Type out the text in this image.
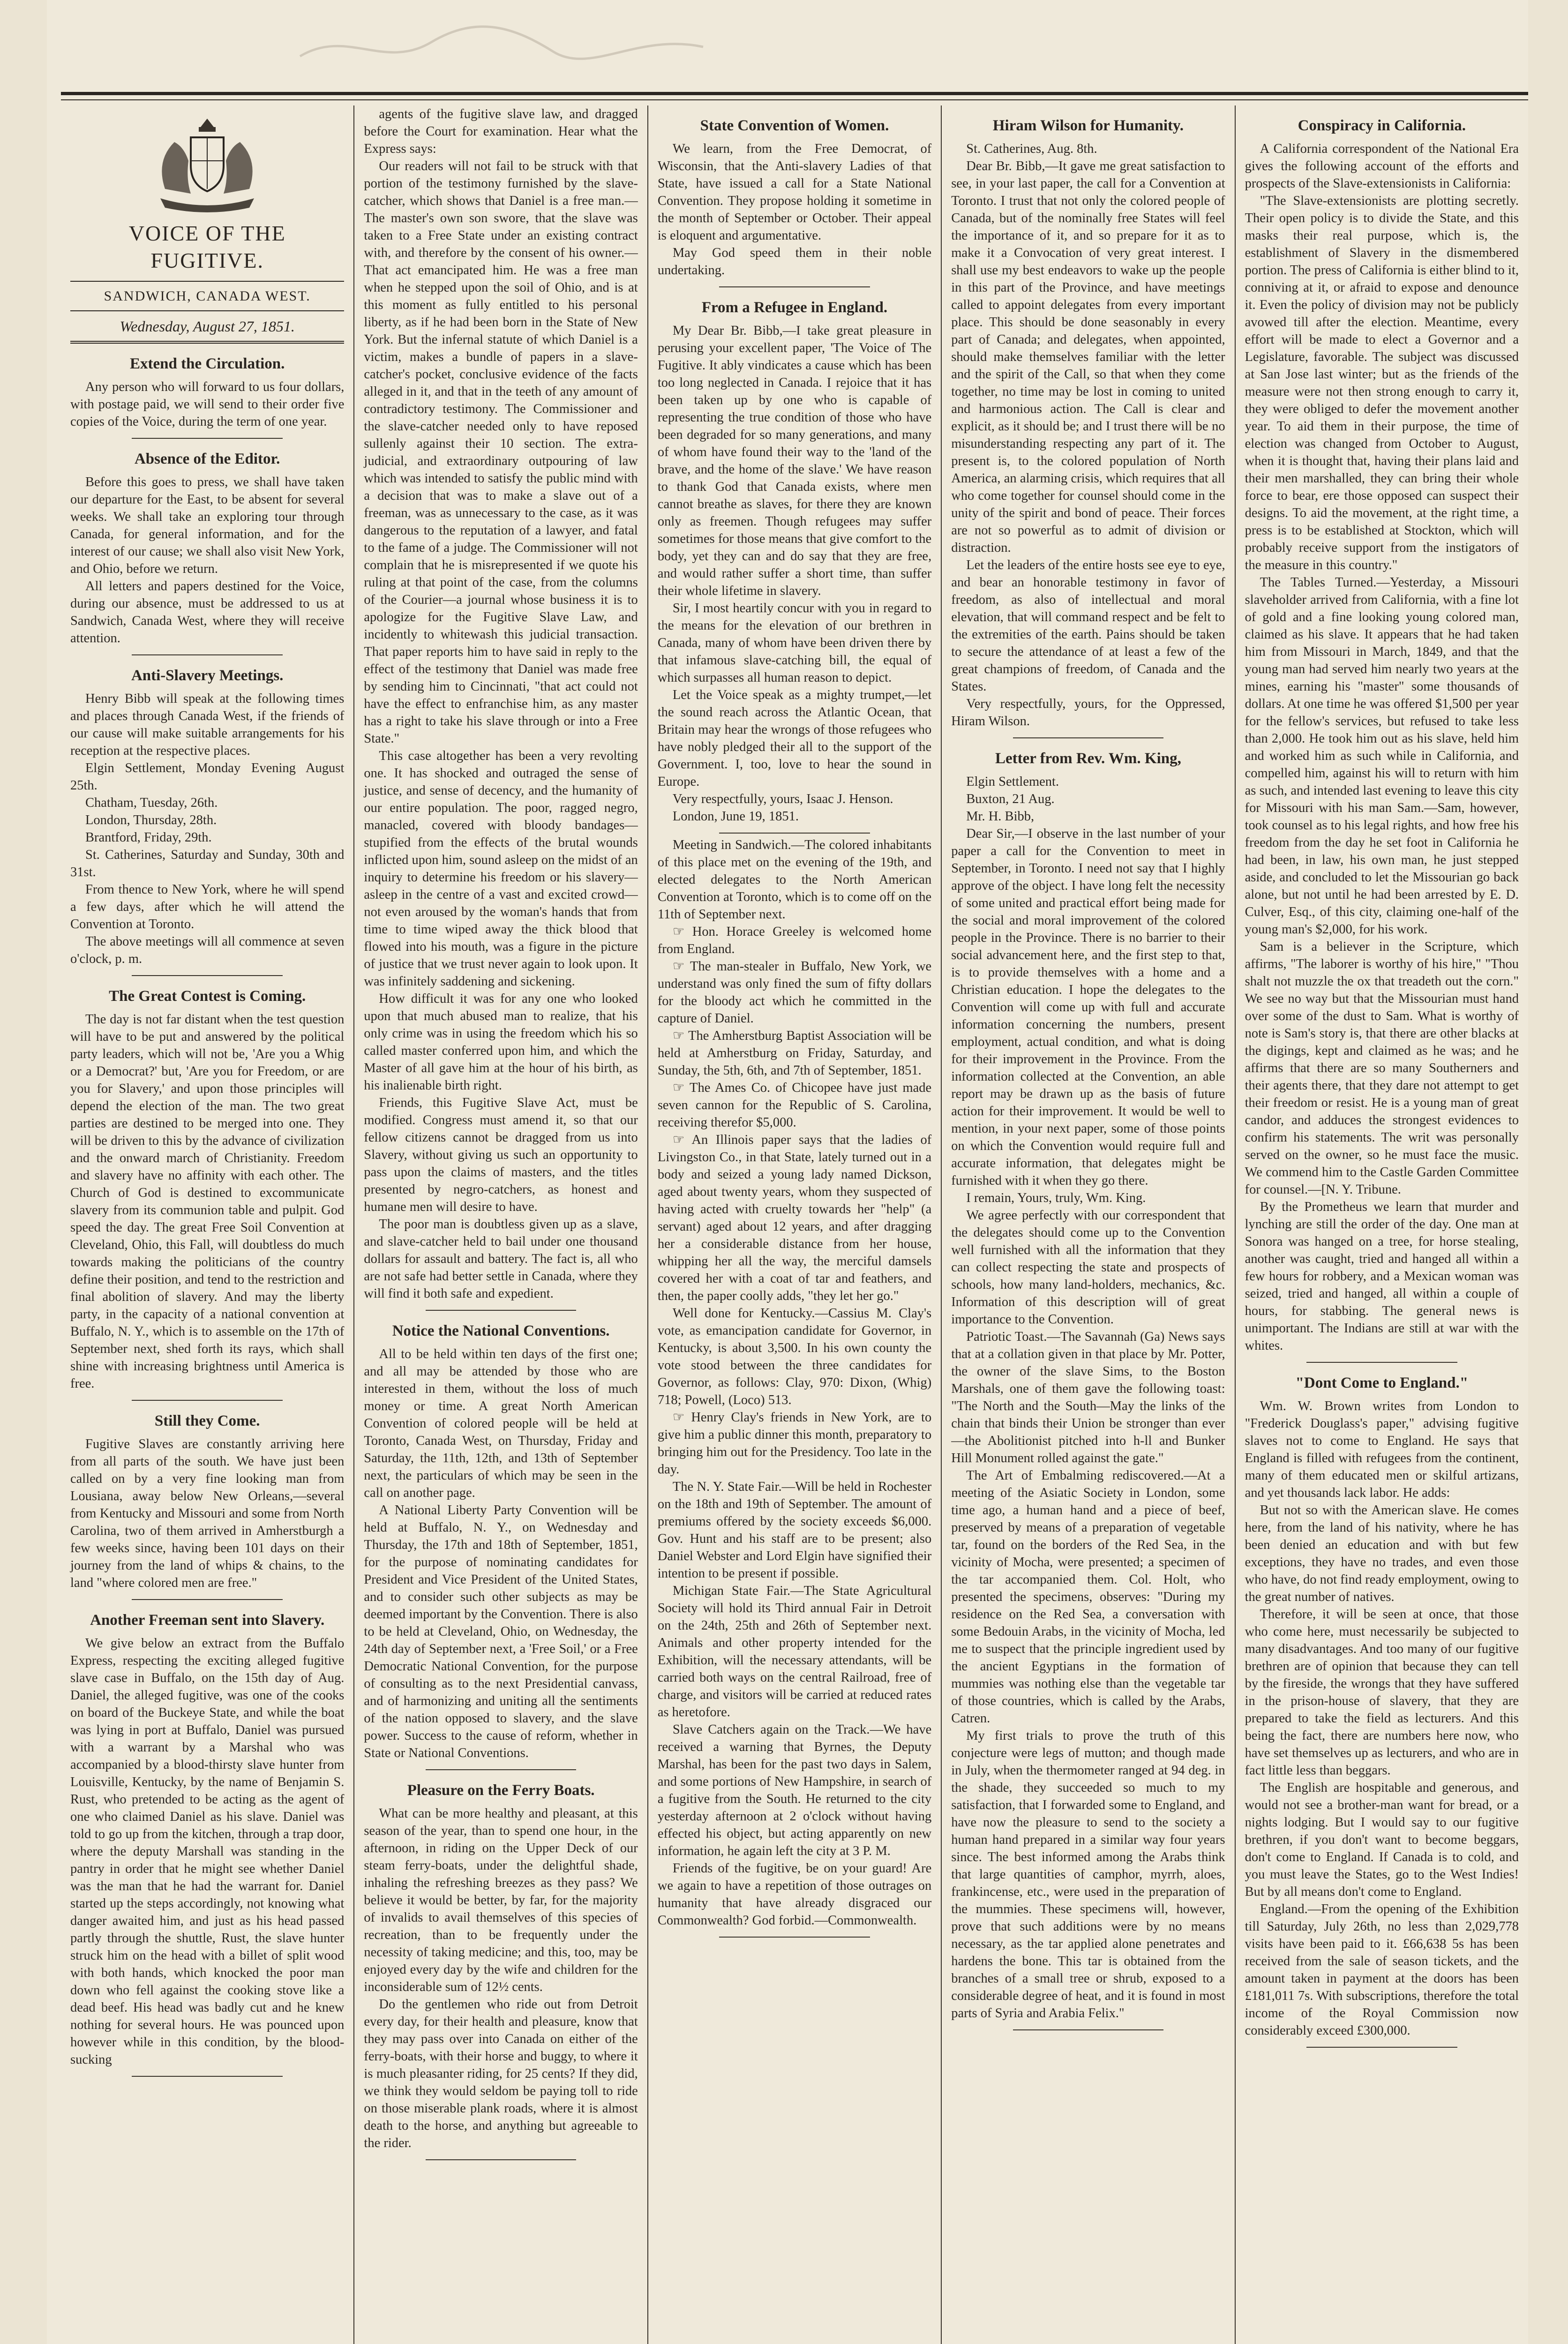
VOICE OF THE FUGITIVE.
SANDWICH, CANADA WEST.
Wednesday, August 27, 1851.
Extend the Circulation.

Any person who will forward to us four dollars, with postage paid, we will send to their order five copies of the Voice, during the term of one year.

Absence of the Editor.

Before this goes to press, we shall have taken our departure for the East, to be absent for several weeks. We shall take an exploring tour through Canada, for general information, and for the interest of our cause; we shall also visit New York, and Ohio, before we return.

All letters and papers destined for the Voice, during our absence, must be addressed to us at Sandwich, Canada West, where they will receive attention.

Anti-Slavery Meetings.

Henry Bibb will speak at the following times and places through Canada West, if the friends of our cause will make suitable arrangements for his reception at the respective places.

Elgin Settlement, Monday Evening August 25th.

Chatham, Tuesday, 26th.

London, Thursday, 28th.

Brantford, Friday, 29th.

St. Catherines, Saturday and Sunday, 30th and 31st.

From thence to New York, where he will spend a few days, after which he will attend the Convention at Toronto.

The above meetings will all commence at seven o'clock, p. m.

The Great Contest is Coming.

The day is not far distant when the test question will have to be put and answered by the political party leaders, which will not be, 'Are you a Whig or a Democrat?' but, 'Are you for Freedom, or are you for Slavery,' and upon those principles will depend the election of the man. The two great parties are destined to be merged into one. They will be driven to this by the advance of civilization and the onward march of Christianity. Freedom and slavery have no affinity with each other. The Church of God is destined to excommunicate slavery from its communion table and pulpit. God speed the day. The great Free Soil Convention at Cleveland, Ohio, this Fall, will doubtless do much towards making the politicians of the country define their position, and tend to the restriction and final abolition of slavery. And may the liberty party, in the capacity of a national convention at Buffalo, N. Y., which is to assemble on the 17th of September next, shed forth its rays, which shall shine with increasing brightness until America is free.

Still they Come.

Fugitive Slaves are constantly arriving here from all parts of the south. We have just been called on by a very fine looking man from Lousiana, away below New Orleans,—several from Kentucky and Missouri and some from North Carolina, two of them arrived in Amherstburgh a few weeks since, having been 101 days on their journey from the land of whips & chains, to the land "where colored men are free."

Another Freeman sent into Slavery.

We give below an extract from the Buffalo Express, respecting the exciting alleged fugitive slave case in Buffalo, on the 15th day of Aug. Daniel, the alleged fugitive, was one of the cooks on board of the Buckeye State, and while the boat was lying in port at Buffalo, Daniel was pursued with a warrant by a Marshal who was accompanied by a blood-thirsty slave hunter from Louisville, Kentucky, by the name of Benjamin S. Rust, who pretended to be acting as the agent of one who claimed Daniel as his slave. Daniel was told to go up from the kitchen, through a trap door, where the deputy Marshall was standing in the pantry in order that he might see whether Daniel was the man that he had the warrant for. Daniel started up the steps accordingly, not knowing what danger awaited him, and just as his head passed partly through the shuttle, Rust, the slave hunter struck him on the head with a billet of split wood with both hands, which knocked the poor man down who fell against the cooking stove like a dead beef. His head was badly cut and he knew nothing for several hours. He was pounced upon however while in this condition, by the blood-sucking

agents of the fugitive slave law, and dragged before the Court for examination. Hear what the Express says:

Our readers will not fail to be struck with that portion of the testimony furnished by the slave-catcher, which shows that Daniel is a free man.—The master's own son swore, that the slave was taken to a Free State under an existing contract with, and therefore by the consent of his owner.—That act emancipated him. He was a free man when he stepped upon the soil of Ohio, and is at this moment as fully entitled to his personal liberty, as if he had been born in the State of New York. But the infernal statute of which Daniel is a victim, makes a bundle of papers in a slave-catcher's pocket, conclusive evidence of the facts alleged in it, and that in the teeth of any amount of contradictory testimony. The Commissioner and the slave-catcher needed only to have reposed sullenly against their 10 section. The extra-judicial, and extraordinary outpouring of law which was intended to satisfy the public mind with a decision that was to make a slave out of a freeman, was as unnecessary to the case, as it was dangerous to the reputation of a lawyer, and fatal to the fame of a judge. The Commissioner will not complain that he is misrepresented if we quote his ruling at that point of the case, from the columns of the Courier—a journal whose business it is to apologize for the Fugitive Slave Law, and incidently to whitewash this judicial transaction. That paper reports him to have said in reply to the effect of the testimony that Daniel was made free by sending him to Cincinnati, "that act could not have the effect to enfranchise him, as any master has a right to take his slave through or into a Free State."

This case altogether has been a very revolting one. It has shocked and outraged the sense of justice, and sense of decency, and the humanity of our entire population. The poor, ragged negro, manacled, covered with bloody bandages—stupified from the effects of the brutal wounds inflicted upon him, sound asleep on the midst of an inquiry to determine his freedom or his slavery—asleep in the centre of a vast and excited crowd—not even aroused by the woman's hands that from time to time wiped away the thick blood that flowed into his mouth, was a figure in the picture of justice that we trust never again to look upon. It was infinitely saddening and sickening.

How difficult it was for any one who looked upon that much abused man to realize, that his only crime was in using the freedom which his so called master conferred upon him, and which the Master of all gave him at the hour of his birth, as his inalienable birth right.

Friends, this Fugitive Slave Act, must be modified. Congress must amend it, so that our fellow citizens cannot be dragged from us into Slavery, without giving us such an opportunity to pass upon the claims of masters, and the titles presented by negro-catchers, as honest and humane men will desire to have.

The poor man is doubtless given up as a slave, and slave-catcher held to bail under one thousand dollars for assault and battery. The fact is, all who are not safe had better settle in Canada, where they will find it both safe and expedient.

Notice the National Conventions.

All to be held within ten days of the first one; and all may be attended by those who are interested in them, without the loss of much money or time. A great North American Convention of colored people will be held at Toronto, Canada West, on Thursday, Friday and Saturday, the 11th, 12th, and 13th of September next, the particulars of which may be seen in the call on another page.

A National Liberty Party Convention will be held at Buffalo, N. Y., on Wednesday and Thursday, the 17th and 18th of September, 1851, for the purpose of nominating candidates for President and Vice President of the United States, and to consider such other subjects as may be deemed important by the Convention. There is also to be held at Cleveland, Ohio, on Wednesday, the 24th day of September next, a 'Free Soil,' or a Free Democratic National Convention, for the purpose of consulting as to the next Presidential canvass, and of harmonizing and uniting all the sentiments of the nation opposed to slavery, and the slave power. Success to the cause of reform, whether in State or National Conventions.

Pleasure on the Ferry Boats.

What can be more healthy and pleasant, at this season of the year, than to spend one hour, in the afternoon, in riding on the Upper Deck of our steam ferry-boats, under the delightful shade, inhaling the refreshing breezes as they pass? We believe it would be better, by far, for the majority of invalids to avail themselves of this species of recreation, than to be frequently under the necessity of taking medicine; and this, too, may be enjoyed every day by the wife and children for the inconsiderable sum of 12½ cents.

Do the gentlemen who ride out from Detroit every day, for their health and pleasure, know that they may pass over into Canada on either of the ferry-boats, with their horse and buggy, to where it is much pleasanter riding, for 25 cents? If they did, we think they would seldom be paying toll to ride on those miserable plank roads, where it is almost death to the horse, and anything but agreeable to the rider.

State Convention of Women.

We learn, from the Free Democrat, of Wisconsin, that the Anti-slavery Ladies of that State, have issued a call for a State National Convention. They propose holding it sometime in the month of September or October. Their appeal is eloquent and argumentative.

May God speed them in their noble undertaking.

From a Refugee in England.

My Dear Br. Bibb,—I take great pleasure in perusing your excellent paper, 'The Voice of The Fugitive. It ably vindicates a cause which has been too long neglected in Canada. I rejoice that it has been taken up by one who is capable of representing the true condition of those who have been degraded for so many generations, and many of whom have found their way to the 'land of the brave, and the home of the slave.' We have reason to thank God that Canada exists, where men cannot breathe as slaves, for there they are known only as freemen. Though refugees may suffer sometimes for those means that give comfort to the body, yet they can and do say that they are free, and would rather suffer a short time, than suffer their whole lifetime in slavery.

Sir, I most heartily concur with you in regard to the means for the elevation of our brethren in Canada, many of whom have been driven there by that infamous slave-catching bill, the equal of which surpasses all human reason to depict.

Let the Voice speak as a mighty trumpet,—let the sound reach across the Atlantic Ocean, that Britain may hear the wrongs of those refugees who have nobly pledged their all to the support of the Government. I, too, love to hear the sound in Europe.

Very respectfully, yours, Isaac J. Henson.

London, June 19, 1851.

Meeting in Sandwich.—The colored inhabitants of this place met on the evening of the 19th, and elected delegates to the North American Convention at Toronto, which is to come off on the 11th of September next.

☞ Hon. Horace Greeley is welcomed home from England.

☞ The man-stealer in Buffalo, New York, we understand was only fined the sum of fifty dollars for the bloody act which he committed in the capture of Daniel.

☞ The Amherstburg Baptist Association will be held at Amherstburg on Friday, Saturday, and Sunday, the 5th, 6th, and 7th of September, 1851.

☞ The Ames Co. of Chicopee have just made seven cannon for the Republic of S. Carolina, receiving therefor $5,000.

☞ An Illinois paper says that the ladies of Livingston Co., in that State, lately turned out in a body and seized a young lady named Dickson, aged about twenty years, whom they suspected of having acted with cruelty towards her "help" (a servant) aged about 12 years, and after dragging her a considerable distance from her house, whipping her all the way, the merciful damsels covered her with a coat of tar and feathers, and then, the paper coolly adds, "they let her go."

Well done for Kentucky.—Cassius M. Clay's vote, as emancipation candidate for Governor, in Kentucky, is about 3,500. In his own county the vote stood between the three candidates for Governor, as follows: Clay, 970: Dixon, (Whig) 718; Powell, (Loco) 513.

☞ Henry Clay's friends in New York, are to give him a public dinner this month, preparatory to bringing him out for the Presidency. Too late in the day.

The N. Y. State Fair.—Will be held in Rochester on the 18th and 19th of September. The amount of premiums offered by the society exceeds $6,000. Gov. Hunt and his staff are to be present; also Daniel Webster and Lord Elgin have signified their intention to be present if possible.

Michigan State Fair.—The State Agricultural Society will hold its Third annual Fair in Detroit on the 24th, 25th and 26th of September next. Animals and other property intended for the Exhibition, will the necessary attendants, will be carried both ways on the central Railroad, free of charge, and visitors will be carried at reduced rates as heretofore.

Slave Catchers again on the Track.—We have received a warning that Byrnes, the Deputy Marshal, has been for the past two days in Salem, and some portions of New Hampshire, in search of a fugitive from the South. He returned to the city yesterday afternoon at 2 o'clock without having effected his object, but acting apparently on new information, he again left the city at 3 P. M.

Friends of the fugitive, be on your guard! Are we again to have a repetition of those outrages on humanity that have already disgraced our Commonwealth? God forbid.—Commonwealth.

Hiram Wilson for Humanity.

St. Catherines, Aug. 8th.

Dear Br. Bibb,—It gave me great satisfaction to see, in your last paper, the call for a Convention at Toronto. I trust that not only the colored people of Canada, but of the nominally free States will feel the importance of it, and so prepare for it as to make it a Convocation of very great interest. I shall use my best endeavors to wake up the people in this part of the Province, and have meetings called to appoint delegates from every important place. This should be done seasonably in every part of Canada; and delegates, when appointed, should make themselves familiar with the letter and the spirit of the Call, so that when they come together, no time may be lost in coming to united and harmonious action. The Call is clear and explicit, as it should be; and I trust there will be no misunderstanding respecting any part of it. The present is, to the colored population of North America, an alarming crisis, which requires that all who come together for counsel should come in the unity of the spirit and bond of peace. Their forces are not so powerful as to admit of division or distraction.

Let the leaders of the entire hosts see eye to eye, and bear an honorable testimony in favor of freedom, as also of intellectual and moral elevation, that will command respect and be felt to the extremities of the earth. Pains should be taken to secure the attendance of at least a few of the great champions of freedom, of Canada and the States.

Very respectfully, yours, for the Oppressed, Hiram Wilson.

Letter from Rev. Wm. King,

Elgin Settlement.

Buxton, 21 Aug.

Mr. H. Bibb,

Dear Sir,—I observe in the last number of your paper a call for the Convention to meet in September, in Toronto. I need not say that I highly approve of the object. I have long felt the necessity of some united and practical effort being made for the social and moral improvement of the colored people in the Province. There is no barrier to their social advancement here, and the first step to that, is to provide themselves with a home and a Christian education. I hope the delegates to the Convention will come up with full and accurate information concerning the numbers, present employment, actual condition, and what is doing for their improvement in the Province. From the information collected at the Convention, an able report may be drawn up as the basis of future action for their improvement. It would be well to mention, in your next paper, some of those points on which the Convention would require full and accurate information, that delegates might be furnished with it when they go there.

I remain, Yours, truly, Wm. King.

We agree perfectly with our correspondent that the delegates should come up to the Convention well furnished with all the information that they can collect respecting the state and prospects of schools, how many land-holders, mechanics, &c. Information of this description will of great importance to the Convention.

Patriotic Toast.—The Savannah (Ga) News says that at a collation given in that place by Mr. Potter, the owner of the slave Sims, to the Boston Marshals, one of them gave the following toast: "The North and the South—May the links of the chain that binds their Union be stronger than ever—the Abolitionist pitched into h-ll and Bunker Hill Monument rolled against the gate."

The Art of Embalming rediscovered.—At a meeting of the Asiatic Society in London, some time ago, a human hand and a piece of beef, preserved by means of a preparation of vegetable tar, found on the borders of the Red Sea, in the vicinity of Mocha, were presented; a specimen of the tar accompanied them. Col. Holt, who presented the specimens, observes: "During my residence on the Red Sea, a conversation with some Bedouin Arabs, in the vicinity of Mocha, led me to suspect that the principle ingredient used by the ancient Egyptians in the formation of mummies was nothing else than the vegetable tar of those countries, which is called by the Arabs, Catren.

My first trials to prove the truth of this conjecture were legs of mutton; and though made in July, when the thermometer ranged at 94 deg. in the shade, they succeeded so much to my satisfaction, that I forwarded some to England, and have now the pleasure to send to the society a human hand prepared in a similar way four years since. The best informed among the Arabs think that large quantities of camphor, myrrh, aloes, frankincense, etc., were used in the preparation of the mummies. These specimens will, however, prove that such additions were by no means necessary, as the tar applied alone penetrates and hardens the bone. This tar is obtained from the branches of a small tree or shrub, exposed to a considerable degree of heat, and it is found in most parts of Syria and Arabia Felix."

Conspiracy in California.

A California correspondent of the National Era gives the following account of the efforts and prospects of the Slave-extensionists in California:

"The Slave-extensionists are plotting secretly. Their open policy is to divide the State, and this masks their real purpose, which is, the establishment of Slavery in the dismembered portion. The press of California is either blind to it, conniving at it, or afraid to expose and denounce it. Even the policy of division may not be publicly avowed till after the election. Meantime, every effort will be made to elect a Governor and a Legislature, favorable. The subject was discussed at San Jose last winter; but as the friends of the measure were not then strong enough to carry it, they were obliged to defer the movement another year. To aid them in their purpose, the time of election was changed from October to August, when it is thought that, having their plans laid and their men marshalled, they can bring their whole force to bear, ere those opposed can suspect their designs. To aid the movement, at the right time, a press is to be established at Stockton, which will probably receive support from the instigators of the measure in this country."

The Tables Turned.—Yesterday, a Missouri slaveholder arrived from California, with a fine lot of gold and a fine looking young colored man, claimed as his slave. It appears that he had taken him from Missouri in March, 1849, and that the young man had served him nearly two years at the mines, earning his "master" some thousands of dollars. At one time he was offered $1,500 per year for the fellow's services, but refused to take less than 2,000. He took him out as his slave, held him and worked him as such while in California, and compelled him, against his will to return with him as such, and intended last evening to leave this city for Missouri with his man Sam.—Sam, however, took counsel as to his legal rights, and how free his freedom from the day he set foot in California he had been, in law, his own man, he just stepped aside, and concluded to let the Missourian go back alone, but not until he had been arrested by E. D. Culver, Esq., of this city, claiming one-half of the young man's $2,000, for his work.

Sam is a believer in the Scripture, which affirms, "The laborer is worthy of his hire," "Thou shalt not muzzle the ox that treadeth out the corn." We see no way but that the Missourian must hand over some of the dust to Sam. What is worthy of note is Sam's story is, that there are other blacks at the digings, kept and claimed as he was; and he affirms that there are so many Southerners and their agents there, that they dare not attempt to get their freedom or resist. He is a young man of great candor, and adduces the strongest evidences to confirm his statements. The writ was personally served on the owner, so he must face the music. We commend him to the Castle Garden Committee for counsel.—[N. Y. Tribune.

By the Prometheus we learn that murder and lynching are still the order of the day. One man at Sonora was hanged on a tree, for horse stealing, another was caught, tried and hanged all within a few hours for robbery, and a Mexican woman was seized, tried and hanged, all within a couple of hours, for stabbing. The general news is unimportant. The Indians are still at war with the whites.

"Dont Come to England."

Wm. W. Brown writes from London to "Frederick Douglass's paper," advising fugitive slaves not to come to England. He says that England is filled with refugees from the continent, many of them educated men or skilful artizans, and yet thousands lack labor. He adds:

But not so with the American slave. He comes here, from the land of his nativity, where he has been denied an education and with but few exceptions, they have no trades, and even those who have, do not find ready employment, owing to the great number of natives.

Therefore, it will be seen at once, that those who come here, must necessarily be subjected to many disadvantages. And too many of our fugitive brethren are of opinion that because they can tell by the fireside, the wrongs that they have suffered in the prison-house of slavery, that they are prepared to take the field as lecturers. And this being the fact, there are numbers here now, who have set themselves up as lecturers, and who are in fact little less than beggars.

The English are hospitable and generous, and would not see a brother-man want for bread, or a nights lodging. But I would say to our fugitive brethren, if you don't want to become beggars, don't come to England. If Canada is to cold, and you must leave the States, go to the West Indies! But by all means don't come to England.

England.—From the opening of the Exhibition till Saturday, July 26th, no less than 2,029,778 visits have been paid to it. £66,638 5s has been received from the sale of season tickets, and the amount taken in payment at the doors has been £181,011 7s. With subscriptions, therefore the total income of the Royal Commission now considerably exceed £300,000.
